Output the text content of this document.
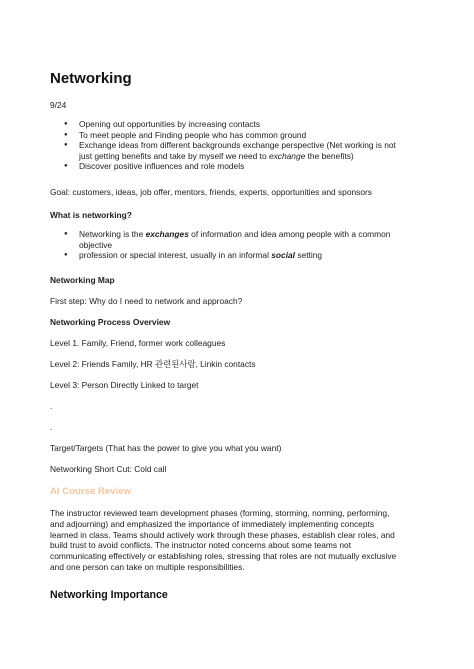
Networking
9/24
● Opening out opportunities by increasing contacts
● To meet people and Finding people who has common ground
● Exchange ideas from different backgrounds exchange perspective (Net working is not
just getting benefits and take by myself we need to exchange the benefits)
● Discover positive influences and role models
Goal: customers, ideas, job offer, mentors, friends, experts, opportunities and sponsors
What is networking?
● Networking is the exchanges of information and idea among people with a common
objective
● profession or special interest, usually in an informal social setting
Networking Map
First step: Why do I need to network and approach?
Networking Process Overview
Level 1. Family, Friend, former work colleagues
Level 2: Friends Family, HR 관련된사람, Linkin contacts
Level 3: Person Directly Linked to target
.
.
Target/Targets (That has the power to give you what you want)
Networking Short Cut: Cold call
AI Course Review
The instructor reviewed team development phases (forming, storming, norming, performing,
and adjourning) and emphasized the importance of immediately implementing concepts
learned in class. Teams should actively work through these phases, establish clear roles, and
build trust to avoid conflicts. The instructor noted concerns about some teams not
communicating effectively or establishing roles, stressing that roles are not mutually exclusive
and one person can take on multiple responsibilities.
Networking Importance
